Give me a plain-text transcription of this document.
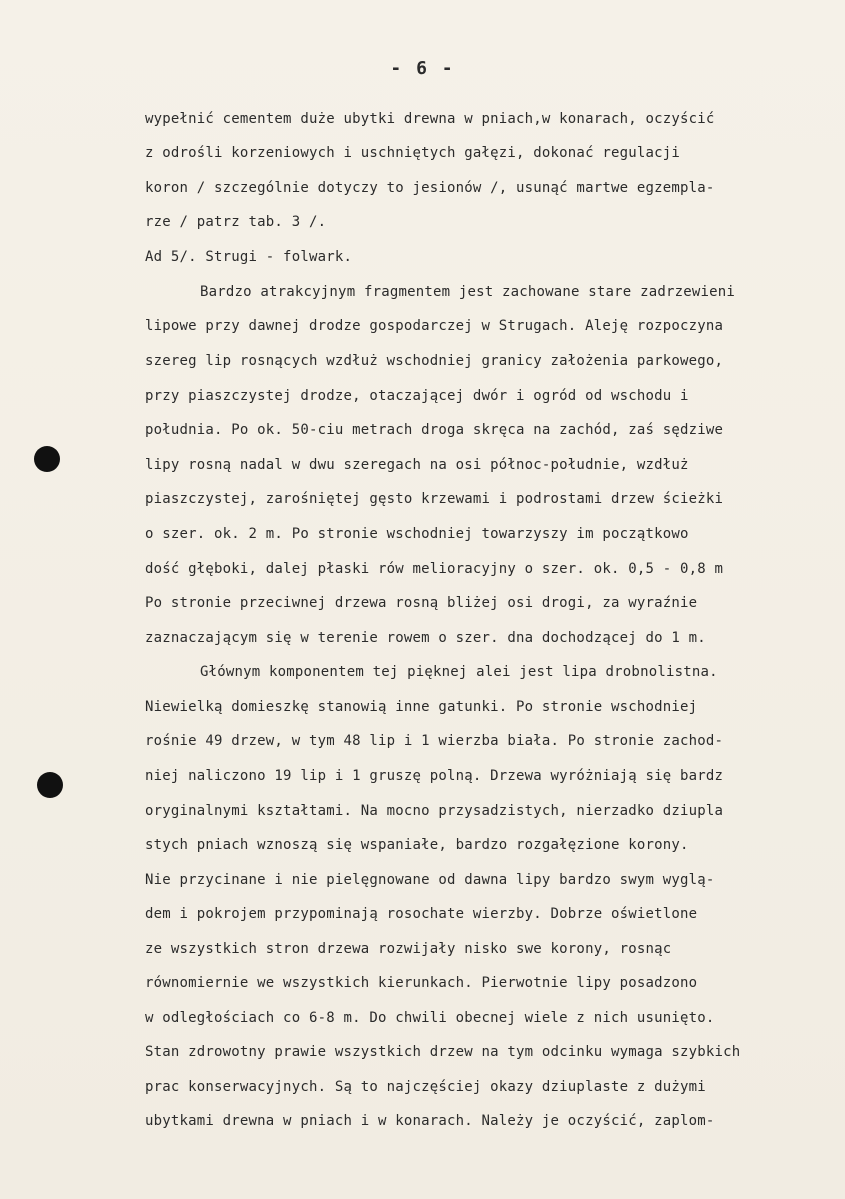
- 6 -
wypełnić cementem duże ubytki drewna w pniach,w konarach, oczyścić
z odrośli korzeniowych i uschniętych gałęzi, dokonać regulacji
koron / szczególnie dotyczy to jesionów /, usunąć martwe egzempla-
rze / patrz tab. 3 /.
Ad 5/. Strugi - folwark.
Bardzo atrakcyjnym fragmentem jest zachowane stare zadrzewieni
lipowe przy dawnej drodze gospodarczej w Strugach. Aleję rozpoczyna
szereg lip rosnących wzdłuż wschodniej granicy założenia parkowego,
przy piaszczystej drodze, otaczającej dwór i ogród od wschodu i
południa. Po ok. 50-ciu metrach droga skręca na zachód, zaś sędziwe
lipy rosną nadal w dwu szeregach na osi północ-południe, wzdłuż
piaszczystej, zarośniętej gęsto krzewami i podrostami drzew ścieżki
o szer. ok. 2 m. Po stronie wschodniej towarzyszy im początkowo
dość głęboki, dalej płaski rów melioracyjny o szer. ok. 0,5 - 0,8 m
Po stronie przeciwnej drzewa rosną bliżej osi drogi, za wyraźnie
zaznaczającym się w terenie rowem o szer. dna dochodzącej do 1 m.
Głównym komponentem tej pięknej alei jest lipa drobnolistna.
Niewielką domieszkę stanowią inne gatunki. Po stronie wschodniej
rośnie 49 drzew, w tym 48 lip i 1 wierzba biała. Po stronie zachod-
niej naliczono 19 lip i 1 gruszę polną. Drzewa wyróżniają się bardz
oryginalnymi kształtami. Na mocno przysadzistych, nierzadko dziupla
stych pniach wznoszą się wspaniałe, bardzo rozgałęzione korony.
Nie przycinane i nie pielęgnowane od dawna lipy bardzo swym wyglą-
dem i pokrojem przypominają rosochate wierzby. Dobrze oświetlone
ze wszystkich stron drzewa rozwijały nisko swe korony, rosnąc
równomiernie we wszystkich kierunkach. Pierwotnie lipy posadzono
w odległościach co 6-8 m. Do chwili obecnej wiele z nich usunięto.
Stan zdrowotny prawie wszystkich drzew na tym odcinku wymaga szybkich
prac konserwacyjnych. Są to najczęściej okazy dziuplaste z dużymi
ubytkami drewna w pniach i w konarach. Należy je oczyścić, zaplom-
